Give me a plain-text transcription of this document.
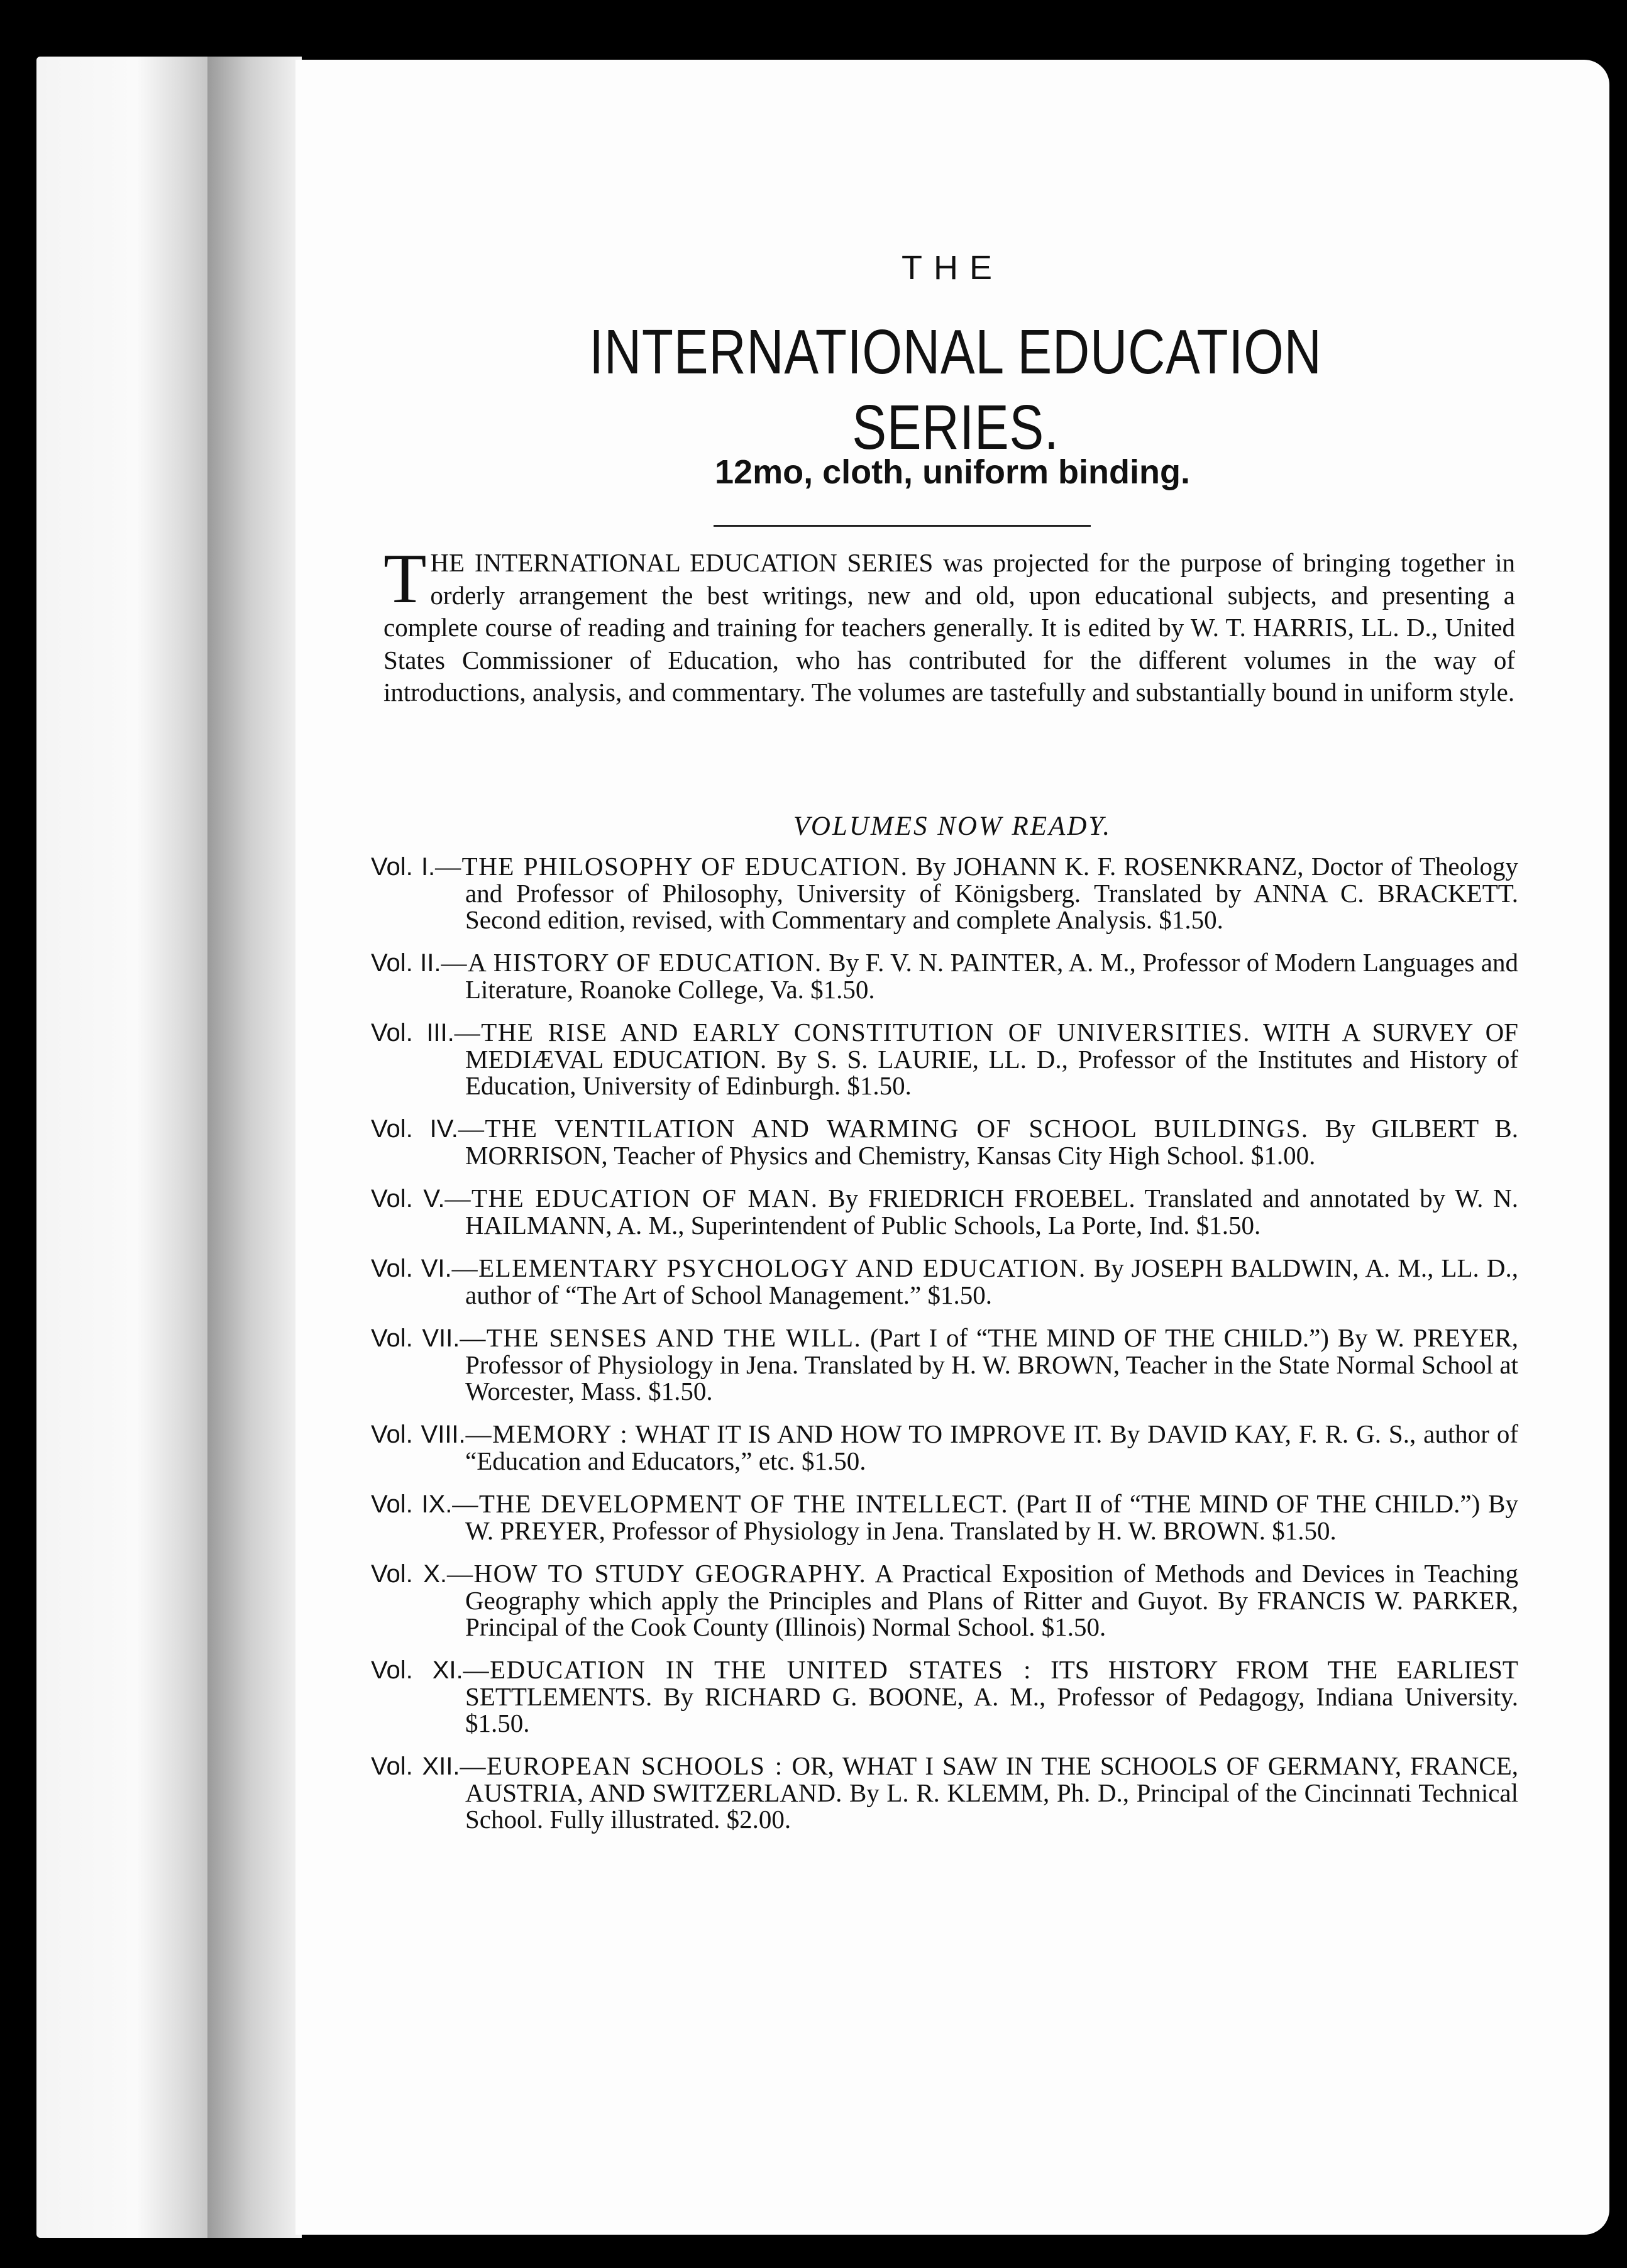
THE
INTERNATIONAL EDUCATION SERIES.
12mo, cloth, uniform binding.
THE INTERNATIONAL EDUCATION SERIES was projected for the purpose of bringing together in orderly arrangement the best writings, new and old, upon educational subjects, and presenting a complete course of reading and training for teachers generally. It is edited by W. T. HARRIS, LL. D., United States Commissioner of Education, who has contributed for the different volumes in the way of introductions, analysis, and commentary. The volumes are tastefully and substantially bound in uniform style.
VOLUMES NOW READY.
Vol. I.—THE PHILOSOPHY OF EDUCATION. By JOHANN K. F. ROSENKRANZ, Doctor of Theology and Professor of Philosophy, University of Königsberg. Translated by ANNA C. BRACKETT. Second edition, revised, with Commentary and complete Analysis. $1.50.
Vol. II.—A HISTORY OF EDUCATION. By F. V. N. PAINTER, A. M., Professor of Modern Languages and Literature, Roanoke College, Va. $1.50.
Vol. III.—THE RISE AND EARLY CONSTITUTION OF UNIVERSITIES. WITH A SURVEY OF MEDIÆVAL EDUCATION. By S. S. LAURIE, LL. D., Professor of the Institutes and History of Education, University of Edinburgh. $1.50.
Vol. IV.—THE VENTILATION AND WARMING OF SCHOOL BUILDINGS. By GILBERT B. MORRISON, Teacher of Physics and Chemistry, Kansas City High School. $1.00.
Vol. V.—THE EDUCATION OF MAN. By FRIEDRICH FROEBEL. Translated and annotated by W. N. HAILMANN, A. M., Superintendent of Public Schools, La Porte, Ind. $1.50.
Vol. VI.—ELEMENTARY PSYCHOLOGY AND EDUCATION. By JOSEPH BALDWIN, A. M., LL. D., author of “The Art of School Management.” $1.50.
Vol. VII.—THE SENSES AND THE WILL. (Part I of “THE MIND OF THE CHILD.”) By W. PREYER, Professor of Physiology in Jena. Translated by H. W. BROWN, Teacher in the State Normal School at Worcester, Mass. $1.50.
Vol. VIII.—MEMORY : WHAT IT IS AND HOW TO IMPROVE IT. By DAVID KAY, F. R. G. S., author of “Education and Educators,” etc. $1.50.
Vol. IX.—THE DEVELOPMENT OF THE INTELLECT. (Part II of “THE MIND OF THE CHILD.”) By W. PREYER, Professor of Physiology in Jena. Translated by H. W. BROWN. $1.50.
Vol. X.—HOW TO STUDY GEOGRAPHY. A Practical Exposition of Methods and Devices in Teaching Geography which apply the Principles and Plans of Ritter and Guyot. By FRANCIS W. PARKER, Principal of the Cook County (Illinois) Normal School. $1.50.
Vol. XI.—EDUCATION IN THE UNITED STATES : ITS HISTORY FROM THE EARLIEST SETTLEMENTS. By RICHARD G. BOONE, A. M., Professor of Pedagogy, Indiana University. $1.50.
Vol. XII.—EUROPEAN SCHOOLS : OR, WHAT I SAW IN THE SCHOOLS OF GERMANY, FRANCE, AUSTRIA, AND SWITZERLAND. By L. R. KLEMM, Ph. D., Principal of the Cincinnati Technical School. Fully illustrated. $2.00.
